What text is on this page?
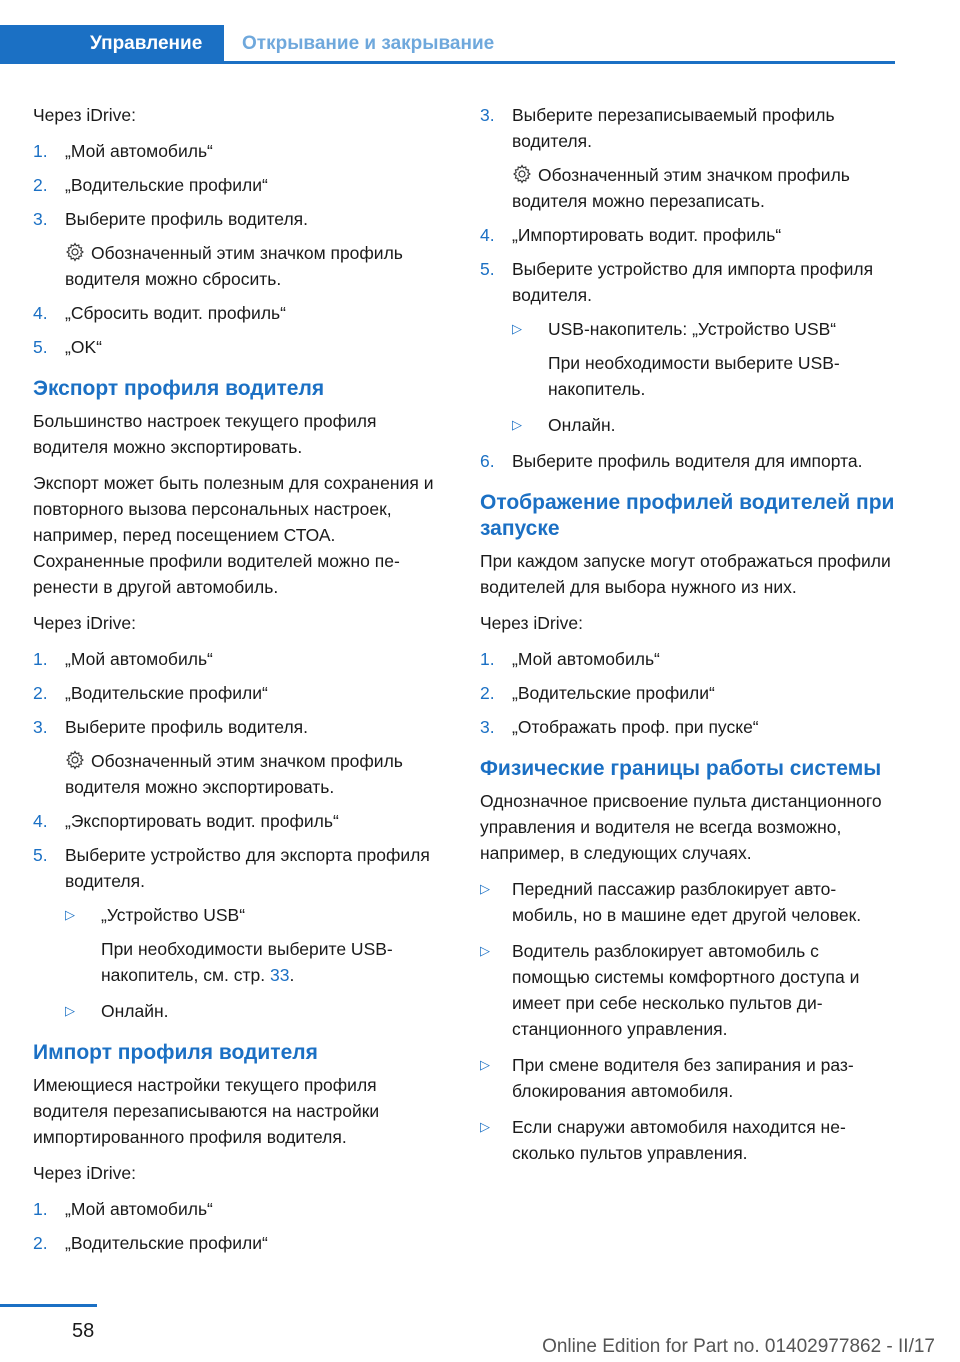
Управление	Открывание и закрывание

Через iDrive:

1. „Мой автомобиль“
2. „Водительские профили“
3. Выберите профиль водителя.
Обозначенный этим значком профиль водителя можно сбросить.
4. „Сбросить водит. профиль“
5. „OK“
Экспорт профиля водителя

Большинство настроек текущего профиля водителя можно экспортировать.

Экспорт может быть полезным для сохранения и повторного вызова персональных настроек, например, перед посещением СТОА. Сохраненные профили водителей можно перенести в другой автомобиль.

Через iDrive:

1. „Мой автомобиль“
2. „Водительские профили“
3. Выберите профиль водителя.
Обозначенный этим значком профиль водителя можно экспортировать.
4. „Экспортировать водит. профиль“
5. Выберите устройство для экспорта профиля водителя.
▷ „Устройство USB“
При необходимости выберите USB-накопитель, см. стр. 33.
▷ Онлайн.
Импорт профиля водителя

Имеющиеся настройки текущего профиля водителя перезаписываются на настройки импортированного профиля водителя.

Через iDrive:

1. „Мой автомобиль“
2. „Водительские профили“
3. Выберите перезаписываемый профиль водителя.
Обозначенный этим значком профиль водителя можно перезаписать.
4. „Импортировать водит. профиль“
5. Выберите устройство для импорта профиля водителя.
▷ USB-накопитель: „Устройство USB“
При необходимости выберите USB-накопитель.
▷ Онлайн.
6. Выберите профиль водителя для импорта.
Отображение профилей водителей при запуске

При каждом запуске могут отображаться профили водителей для выбора нужного из них.

Через iDrive:

1. „Мой автомобиль“
2. „Водительские профили“
3. „Отображать проф. при пуске“
Физические границы работы системы

Однозначное присвоение пульта дистанционного управления и водителя не всегда возможно, например, в следующих случаях.

▷ Передний пассажир разблокирует автомобиль, но в машине едет другой человек.
▷ Водитель разблокирует автомобиль с помощью системы комфортного доступа и имеет при себе несколько пультов дистанционного управления.
▷ При смене водителя без запирания и разблокирования автомобиля.
▷ Если снаружи автомобиля находится несколько пультов управления.
58
Online Edition for Part no. 01402977862 - II/17
